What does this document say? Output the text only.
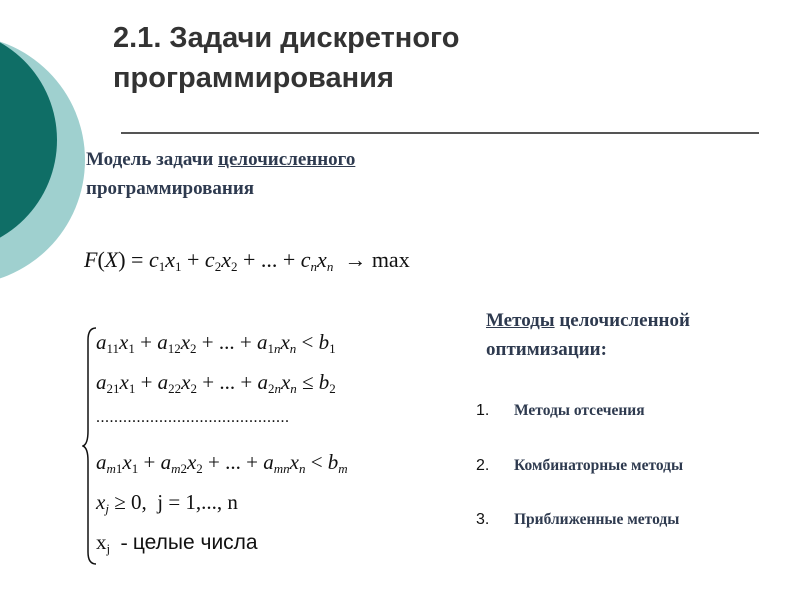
2.1. Задачи дискретного программирования
Модель задачи целочисленного
программирования
$F(X) = c_1x_1 + c_2x_2$ + ... + $c_nx_n \to \max$
$a_{11}x_1 + a_{12}x_2$ + ... + $a_{1n}x_n < b_1$
$a_{21}x_1 + a_{22}x_2$ + ... + $a_{2n}x_n \le b_2$
...........................................
$a_{m1}x_1 + a_{m2}x_2$ + ... + $a_{mn}x_n < b_m$
$x_j \ge 0$,  j = 1,..., n
$x_j$  - целые числа
Методы целочисленной оптимизации:
1. Методы отсечения
2. Комбинаторные методы
3. Приближенные методы
